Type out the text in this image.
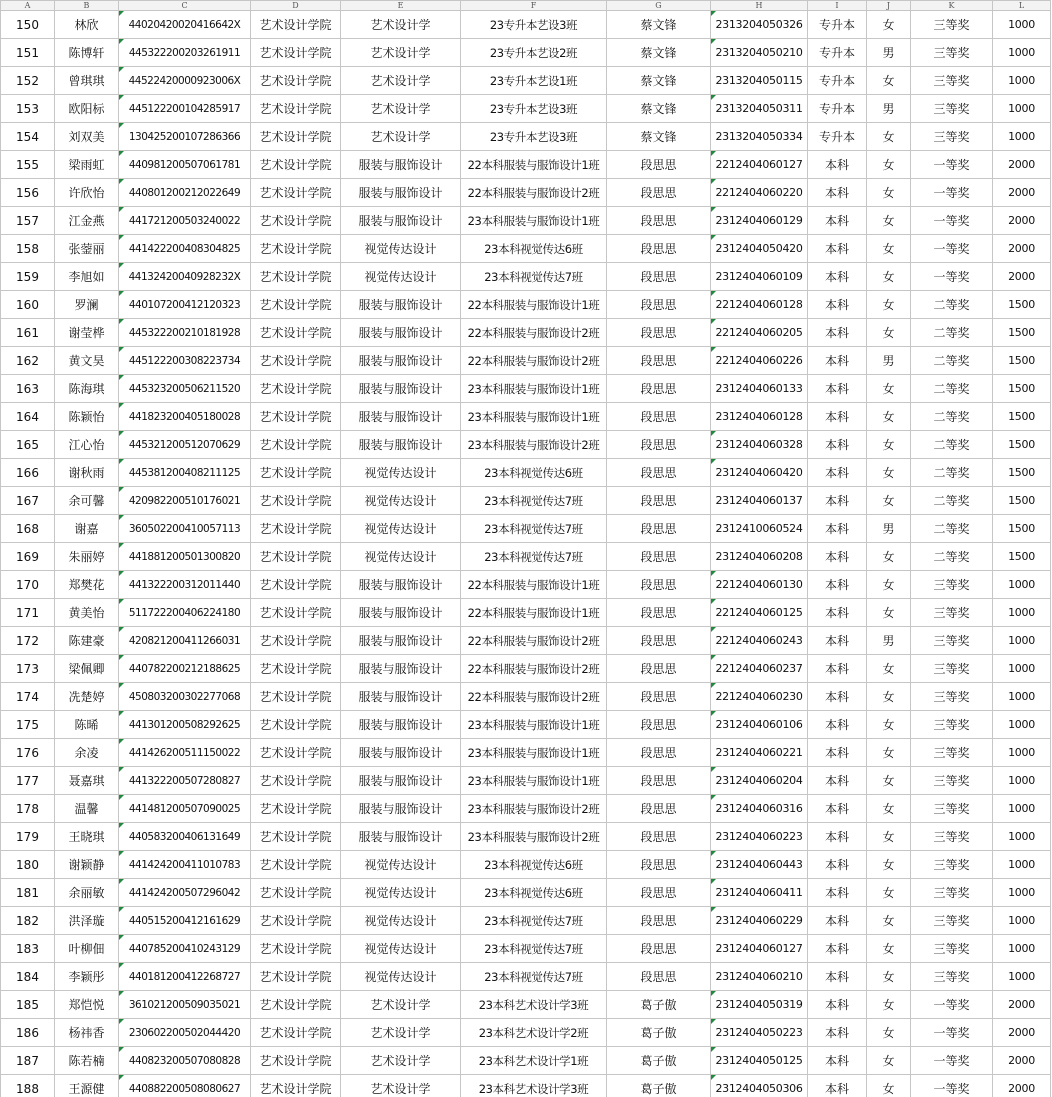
A	B	C	D	E	F	G	H	I	J	K	L
150	林欣	44020420020416642X	艺术设计学院	艺术设计学	23专升本艺设3班	蔡文锋	2313204050326	专升本	女	三等奖	1000
151	陈博轩	445322200203261911	艺术设计学院	艺术设计学	23专升本艺设2班	蔡文锋	2313204050210	专升本	男	三等奖	1000
152	曾琪琪	44522420000923006X	艺术设计学院	艺术设计学	23专升本艺设1班	蔡文锋	2313204050115	专升本	女	三等奖	1000
153	欧阳标	445122200104285917	艺术设计学院	艺术设计学	23专升本艺设3班	蔡文锋	2313204050311	专升本	男	三等奖	1000
154	刘双美	130425200107286366	艺术设计学院	艺术设计学	23专升本艺设3班	蔡文锋	2313204050334	专升本	女	三等奖	1000
155	梁雨虹	440981200507061781	艺术设计学院	服装与服饰设计	22本科服装与服饰设计1班	段思思	2212404060127	本科	女	一等奖	2000
156	许欣怡	440801200212022649	艺术设计学院	服装与服饰设计	22本科服装与服饰设计2班	段思思	2212404060220	本科	女	一等奖	2000
157	江金燕	441721200503240022	艺术设计学院	服装与服饰设计	23本科服装与服饰设计1班	段思思	2312404060129	本科	女	一等奖	2000
158	张蓥丽	441422200408304825	艺术设计学院	视觉传达设计	23本科视觉传达6班	段思思	2312404050420	本科	女	一等奖	2000
159	李旭如	44132420040928232X	艺术设计学院	视觉传达设计	23本科视觉传达7班	段思思	2312404060109	本科	女	一等奖	2000
160	罗澜	440107200412120323	艺术设计学院	服装与服饰设计	22本科服装与服饰设计1班	段思思	2212404060128	本科	女	二等奖	1500
161	谢莹桦	445322200210181928	艺术设计学院	服装与服饰设计	22本科服装与服饰设计2班	段思思	2212404060205	本科	女	二等奖	1500
162	黄文昊	445122200308223734	艺术设计学院	服装与服饰设计	22本科服装与服饰设计2班	段思思	2212404060226	本科	男	二等奖	1500
163	陈海琪	445323200506211520	艺术设计学院	服装与服饰设计	23本科服装与服饰设计1班	段思思	2312404060133	本科	女	二等奖	1500
164	陈颖怡	441823200405180028	艺术设计学院	服装与服饰设计	23本科服装与服饰设计1班	段思思	2312404060128	本科	女	二等奖	1500
165	江心怡	445321200512070629	艺术设计学院	服装与服饰设计	23本科服装与服饰设计2班	段思思	2312404060328	本科	女	二等奖	1500
166	谢秋雨	445381200408211125	艺术设计学院	视觉传达设计	23本科视觉传达6班	段思思	2312404060420	本科	女	二等奖	1500
167	余可馨	420982200510176021	艺术设计学院	视觉传达设计	23本科视觉传达7班	段思思	2312404060137	本科	女	二等奖	1500
168	谢嘉	360502200410057113	艺术设计学院	视觉传达设计	23本科视觉传达7班	段思思	2312410060524	本科	男	二等奖	1500
169	朱丽婷	441881200501300820	艺术设计学院	视觉传达设计	23本科视觉传达7班	段思思	2312404060208	本科	女	二等奖	1500
170	郑樊花	441322200312011440	艺术设计学院	服装与服饰设计	22本科服装与服饰设计1班	段思思	2212404060130	本科	女	三等奖	1000
171	黄美怡	511722200406224180	艺术设计学院	服装与服饰设计	22本科服装与服饰设计1班	段思思	2212404060125	本科	女	三等奖	1000
172	陈建豪	420821200411266031	艺术设计学院	服装与服饰设计	22本科服装与服饰设计2班	段思思	2212404060243	本科	男	三等奖	1000
173	梁佩卿	440782200212188625	艺术设计学院	服装与服饰设计	22本科服装与服饰设计2班	段思思	2212404060237	本科	女	三等奖	1000
174	冼楚婷	450803200302277068	艺术设计学院	服装与服饰设计	22本科服装与服饰设计2班	段思思	2212404060230	本科	女	三等奖	1000
175	陈晞	441301200508292625	艺术设计学院	服装与服饰设计	23本科服装与服饰设计1班	段思思	2312404060106	本科	女	三等奖	1000
176	余凌	441426200511150022	艺术设计学院	服装与服饰设计	23本科服装与服饰设计1班	段思思	2312404060221	本科	女	三等奖	1000
177	聂嘉琪	441322200507280827	艺术设计学院	服装与服饰设计	23本科服装与服饰设计1班	段思思	2312404060204	本科	女	三等奖	1000
178	温馨	441481200507090025	艺术设计学院	服装与服饰设计	23本科服装与服饰设计2班	段思思	2312404060316	本科	女	三等奖	1000
179	王晓琪	440583200406131649	艺术设计学院	服装与服饰设计	23本科服装与服饰设计2班	段思思	2312404060223	本科	女	三等奖	1000
180	谢颖静	441424200411010783	艺术设计学院	视觉传达设计	23本科视觉传达6班	段思思	2312404060443	本科	女	三等奖	1000
181	余丽敏	441424200507296042	艺术设计学院	视觉传达设计	23本科视觉传达6班	段思思	2312404060411	本科	女	三等奖	1000
182	洪泽璇	440515200412161629	艺术设计学院	视觉传达设计	23本科视觉传达7班	段思思	2312404060229	本科	女	三等奖	1000
183	叶柳佃	440785200410243129	艺术设计学院	视觉传达设计	23本科视觉传达7班	段思思	2312404060127	本科	女	三等奖	1000
184	李颖彤	440181200412268727	艺术设计学院	视觉传达设计	23本科视觉传达7班	段思思	2312404060210	本科	女	三等奖	1000
185	郑恺悦	361021200509035021	艺术设计学院	艺术设计学	23本科艺术设计学3班	葛子傲	2312404050319	本科	女	一等奖	2000
186	杨祎香	230602200502044420	艺术设计学院	艺术设计学	23本科艺术设计学2班	葛子傲	2312404050223	本科	女	一等奖	2000
187	陈若楠	440823200507080828	艺术设计学院	艺术设计学	23本科艺术设计学1班	葛子傲	2312404050125	本科	女	一等奖	2000
188	王源健	440882200508080627	艺术设计学院	艺术设计学	23本科艺术设计学3班	葛子傲	2312404050306	本科	女	一等奖	2000
